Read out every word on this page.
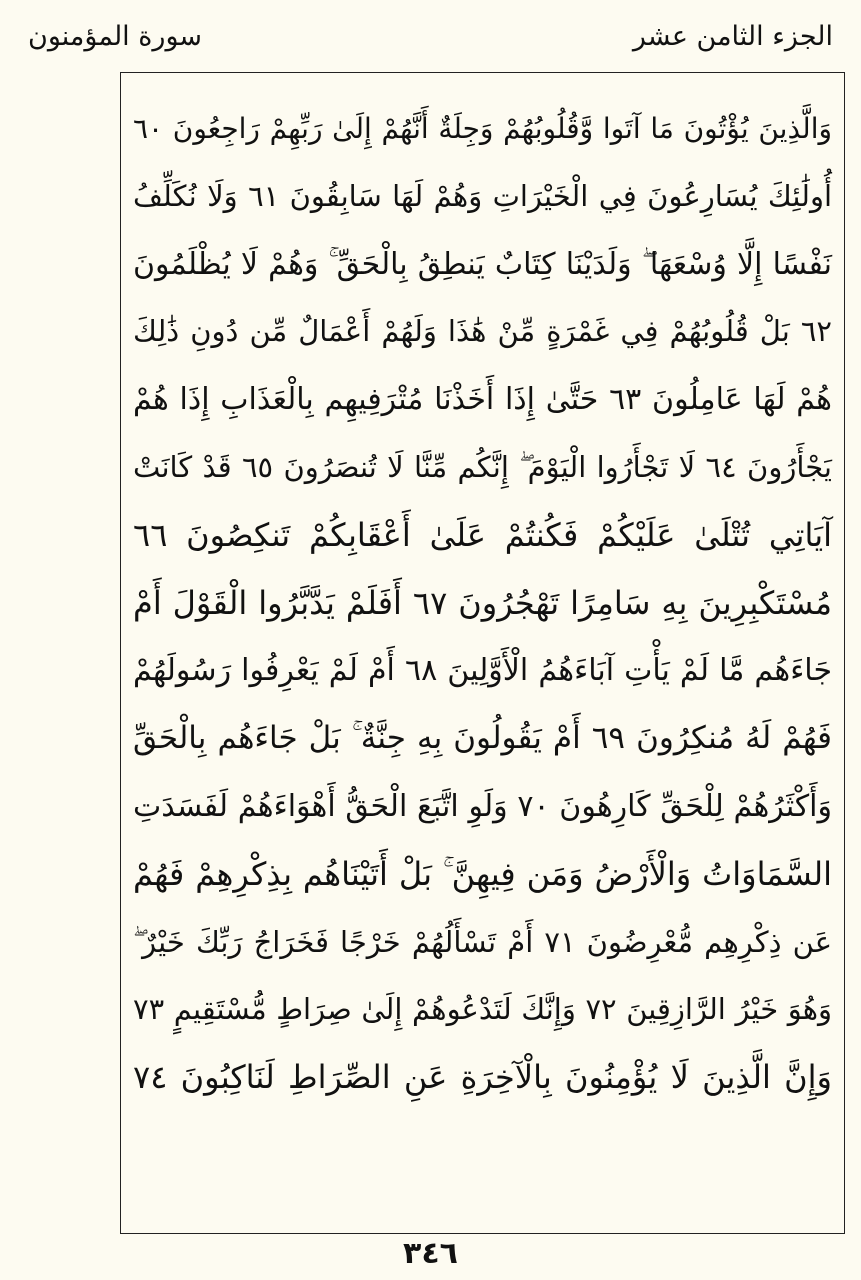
الجزء الثامن عشر
سورة المؤمنون
وَالَّذِينَ يُؤْتُونَ مَا آتَوا وَّقُلُوبُهُمْ وَجِلَةٌ أَنَّهُمْ إِلَىٰ رَبِّهِمْ رَاجِعُونَ ٦٠
أُولَٰئِكَ يُسَارِعُونَ فِي الْخَيْرَاتِ وَهُمْ لَهَا سَابِقُونَ ٦١ وَلَا نُكَلِّفُ
نَفْسًا إِلَّا وُسْعَهَا ۖ وَلَدَيْنَا كِتَابٌ يَنطِقُ بِالْحَقِّ ۚ وَهُمْ لَا يُظْلَمُونَ
٦٢ بَلْ قُلُوبُهُمْ فِي غَمْرَةٍ مِّنْ هَٰذَا وَلَهُمْ أَعْمَالٌ مِّن دُونِ ذَٰلِكَ
هُمْ لَهَا عَامِلُونَ ٦٣ حَتَّىٰ إِذَا أَخَذْنَا مُتْرَفِيهِم بِالْعَذَابِ إِذَا هُمْ
يَجْأَرُونَ ٦٤ لَا تَجْأَرُوا الْيَوْمَ ۖ إِنَّكُم مِّنَّا لَا تُنصَرُونَ ٦٥ قَدْ كَانَتْ
آيَاتِي تُتْلَىٰ عَلَيْكُمْ فَكُنتُمْ عَلَىٰ أَعْقَابِكُمْ تَنكِصُونَ ٦٦
مُسْتَكْبِرِينَ بِهِ سَامِرًا تَهْجُرُونَ ٦٧ أَفَلَمْ يَدَّبَّرُوا الْقَوْلَ أَمْ
جَاءَهُم مَّا لَمْ يَأْتِ آبَاءَهُمُ الْأَوَّلِينَ ٦٨ أَمْ لَمْ يَعْرِفُوا رَسُولَهُمْ
فَهُمْ لَهُ مُنكِرُونَ ٦٩ أَمْ يَقُولُونَ بِهِ جِنَّةٌ ۚ بَلْ جَاءَهُم بِالْحَقِّ
وَأَكْثَرُهُمْ لِلْحَقِّ كَارِهُونَ ٧٠ وَلَوِ اتَّبَعَ الْحَقُّ أَهْوَاءَهُمْ لَفَسَدَتِ
السَّمَاوَاتُ وَالْأَرْضُ وَمَن فِيهِنَّ ۚ بَلْ أَتَيْنَاهُم بِذِكْرِهِمْ فَهُمْ
عَن ذِكْرِهِم مُّعْرِضُونَ ٧١ أَمْ تَسْأَلُهُمْ خَرْجًا فَخَرَاجُ رَبِّكَ خَيْرٌ ۖ
وَهُوَ خَيْرُ الرَّازِقِينَ ٧٢ وَإِنَّكَ لَتَدْعُوهُمْ إِلَىٰ صِرَاطٍ مُّسْتَقِيمٍ ٧٣
وَإِنَّ الَّذِينَ لَا يُؤْمِنُونَ بِالْآخِرَةِ عَنِ الصِّرَاطِ لَنَاكِبُونَ ٧٤
٣٤٦
